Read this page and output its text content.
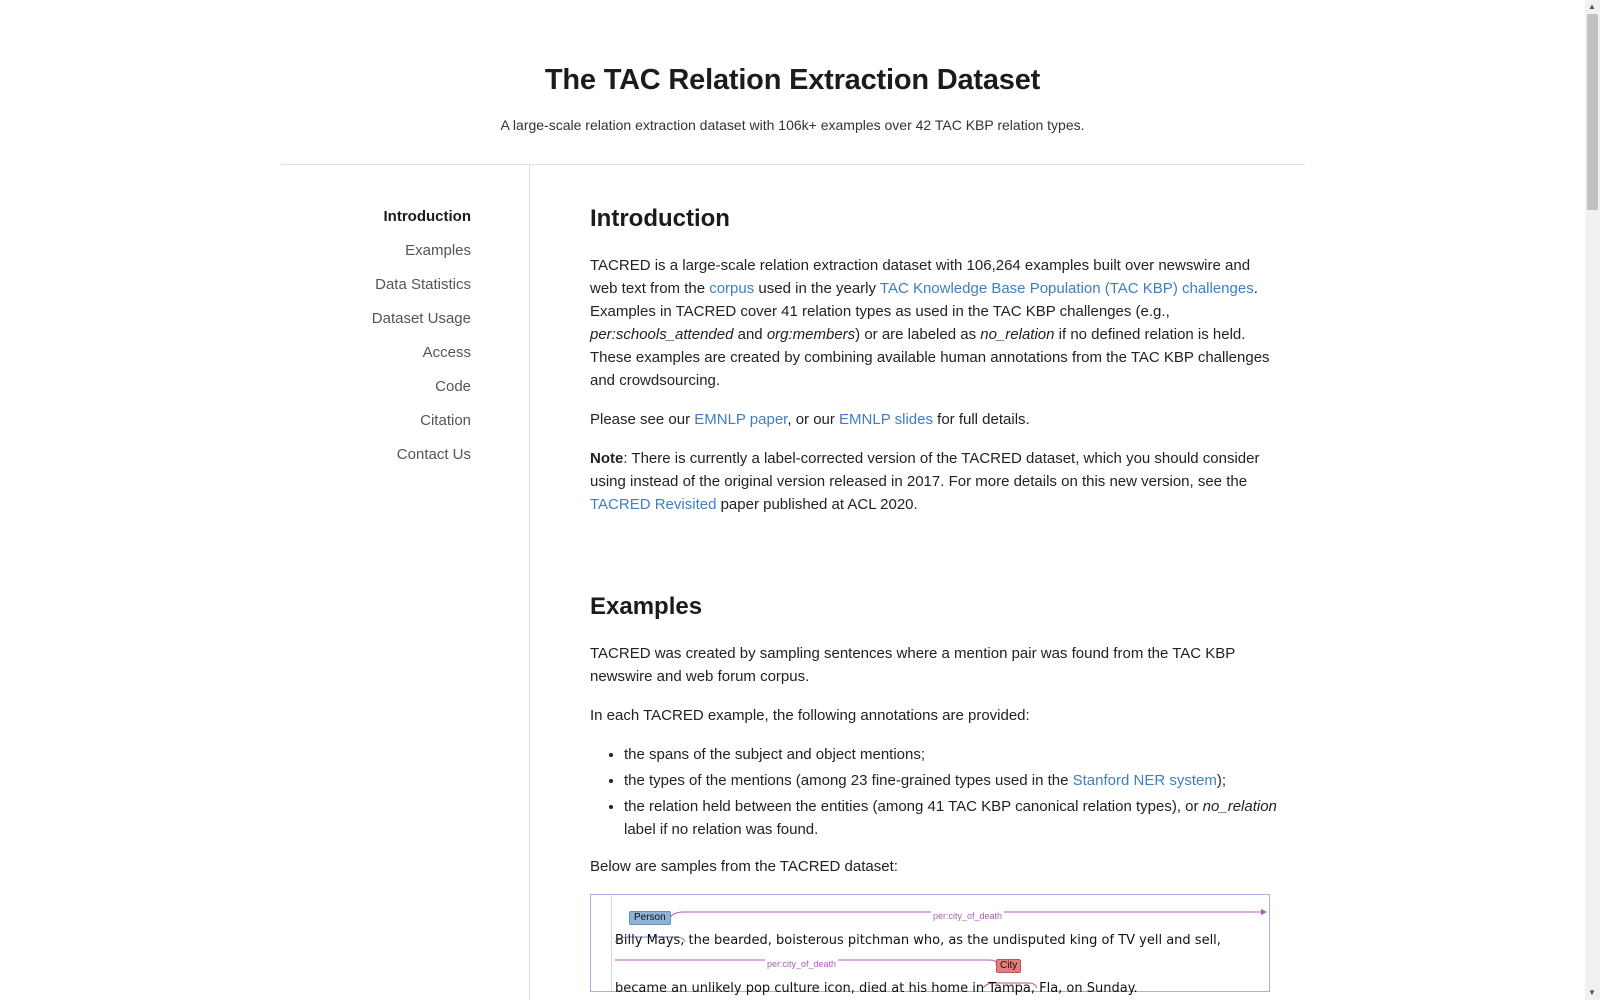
The TAC Relation Extraction Dataset
A large-scale relation extraction dataset with 106k+ examples over 42 TAC KBP relation types.
Introduction
Examples
Data Statistics
Dataset Usage
Access
Code
Citation
Contact Us
Introduction

TACRED is a large-scale relation extraction dataset with 106,264 examples built over newswire and web text from the corpus used in the yearly TAC Knowledge Base Population (TAC KBP) challenges. Examples in TACRED cover 41 relation types as used in the TAC KBP challenges (e.g., per:schools_attended and org:members) or are labeled as no_relation if no defined relation is held. These examples are created by combining available human annotations from the TAC KBP challenges and crowdsourcing.

Please see our EMNLP paper, or our EMNLP slides for full details.

Note: There is currently a label-corrected version of the TACRED dataset, which you should consider using instead of the original version released in 2017. For more details on this new version, see the TACRED Revisited paper published at ACL 2020.

Examples

TACRED was created by sampling sentences where a mention pair was found from the TAC KBP newswire and web forum corpus.

In each TACRED example, the following annotations are provided:

• the spans of the subject and object mentions;
• the types of the mentions (among 23 fine-grained types used in the Stanford NER system);
• the relation held between the entities (among 41 TAC KBP canonical relation types), or no_relation label if no relation was found.

Below are samples from the TACRED dataset:

per:city_of_death
per:city_of_death
Person
City
Billy Mays, the bearded, boisterous pitchman who, as the undisputed king of TV yell and sell,
became an unlikely pop culture icon, died at his home in Tampa, Fla, on Sunday.
▲
▼
